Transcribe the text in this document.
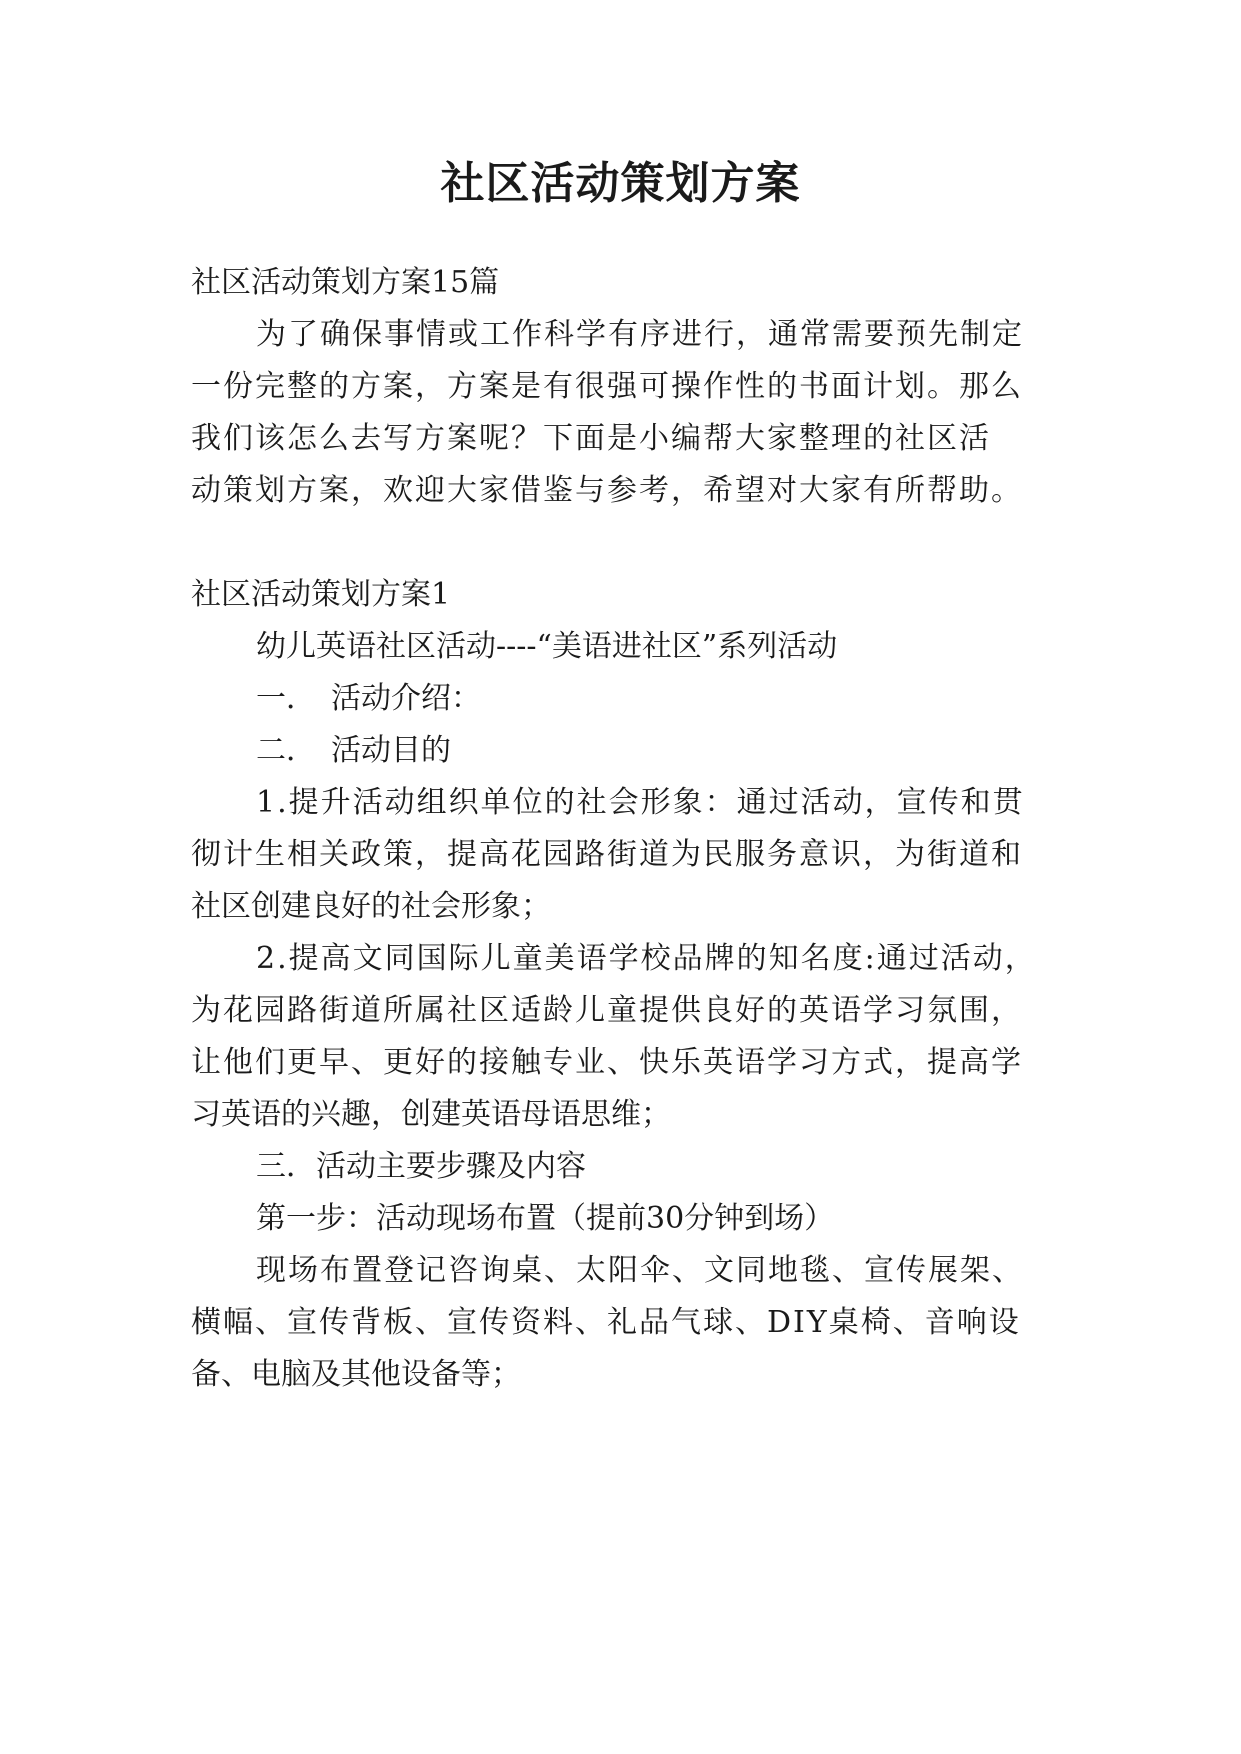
社区活动策划方案

社区活动策划方案15篇

为了确保事情或工作科学有序进行，通常需要预先制定

一份完整的方案，方案是有很强可操作性的书面计划。那么

我们该怎么去写方案呢？下面是小编帮大家整理的社区活

动策划方案，欢迎大家借鉴与参考，希望对大家有所帮助。

社区活动策划方案1

幼儿英语社区活动----“美语进社区”系列活动

一．　活动介绍：

二．　活动目的

1.提升活动组织单位的社会形象：通过活动，宣传和贯

彻计生相关政策，提高花园路街道为民服务意识，为街道和

社区创建良好的社会形象；

2.提高文同国际儿童美语学校品牌的知名度:通过活动，

为花园路街道所属社区适龄儿童提供良好的英语学习氛围，

让他们更早、更好的接触专业、快乐英语学习方式，提高学

习英语的兴趣，创建英语母语思维；

三．活动主要步骤及内容

第一步：活动现场布置（提前30分钟到场）

现场布置登记咨询桌、太阳伞、文同地毯、宣传展架、

横幅、宣传背板、宣传资料、礼品气球、DIY桌椅、音响设

备、电脑及其他设备等；
